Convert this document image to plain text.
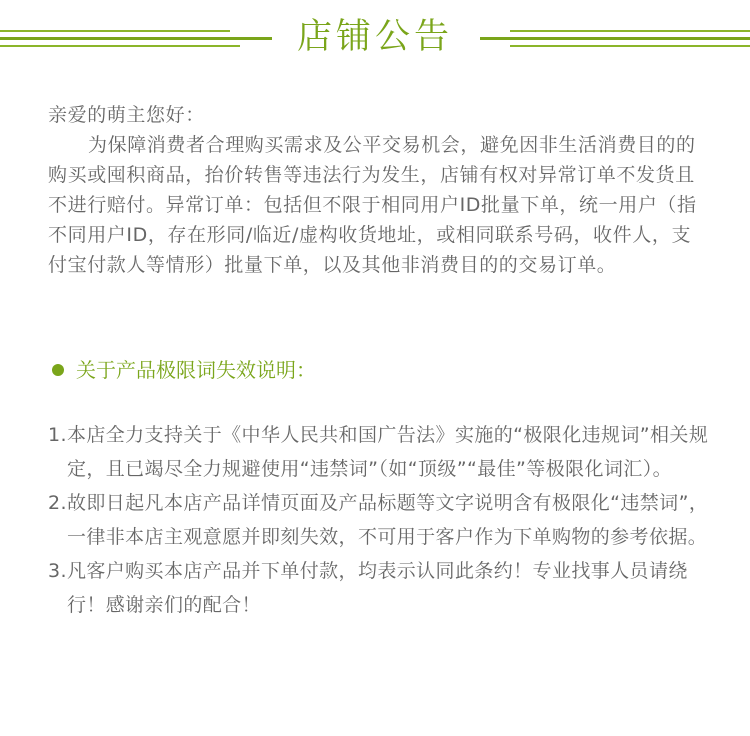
店铺公告

亲爱的萌主您好：

为保障消费者合理购买需求及公平交易机会，避免因非生活消费目的的购买或囤积商品，抬价转售等违法行为发生，店铺有权对异常订单不发货且不进行赔付。异常订单：包括但不限于相同用户ID批量下单，统一用户（指不同用户ID，存在形同/临近/虚构收货地址，或相同联系号码，收件人，支付宝付款人等情形）批量下单，以及其他非消费目的的交易订单。

关于产品极限词失效说明：
1. 本店全力支持关于《中华人民共和国广告法》实施的“极限化违规词”相关规定，且已竭尽全力规避使用“违禁词”（如“顶级”“最佳”等极限化词汇）。
2. 故即日起凡本店产品详情页面及产品标题等文字说明含有极限化“违禁词”，一律非本店主观意愿并即刻失效，不可用于客户作为下单购物的参考依据。
3. 凡客户购买本店产品并下单付款，均表示认同此条约！专业找事人员请绕行！感谢亲们的配合！
